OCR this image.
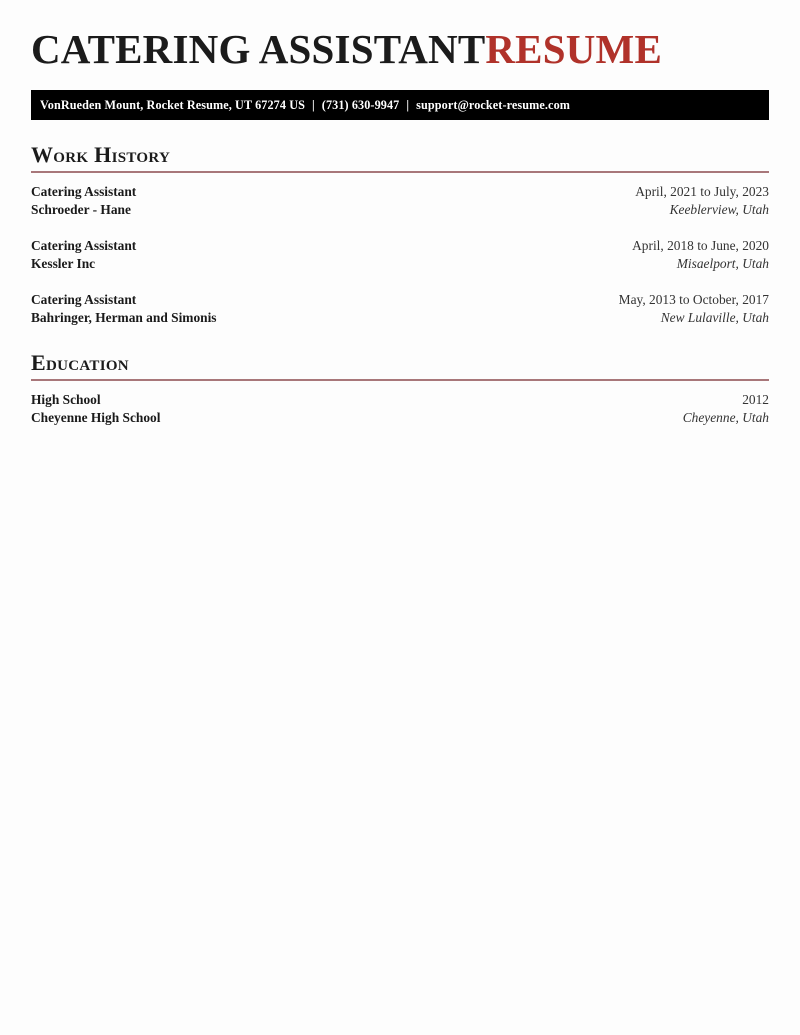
CATERING ASSISTANTRESUME
VonRueden Mount, Rocket Resume, UT 67274 US | (731) 630-9947 | support@rocket-resume.com
Work History
Catering Assistant
Schroeder - Hane
April, 2021 to July, 2023
Keeblerview, Utah
Catering Assistant
Kessler Inc
April, 2018 to June, 2020
Misaelport, Utah
Catering Assistant
Bahringer, Herman and Simonis
May, 2013 to October, 2017
New Lulaville, Utah
Education
High School
Cheyenne High School
2012
Cheyenne, Utah
